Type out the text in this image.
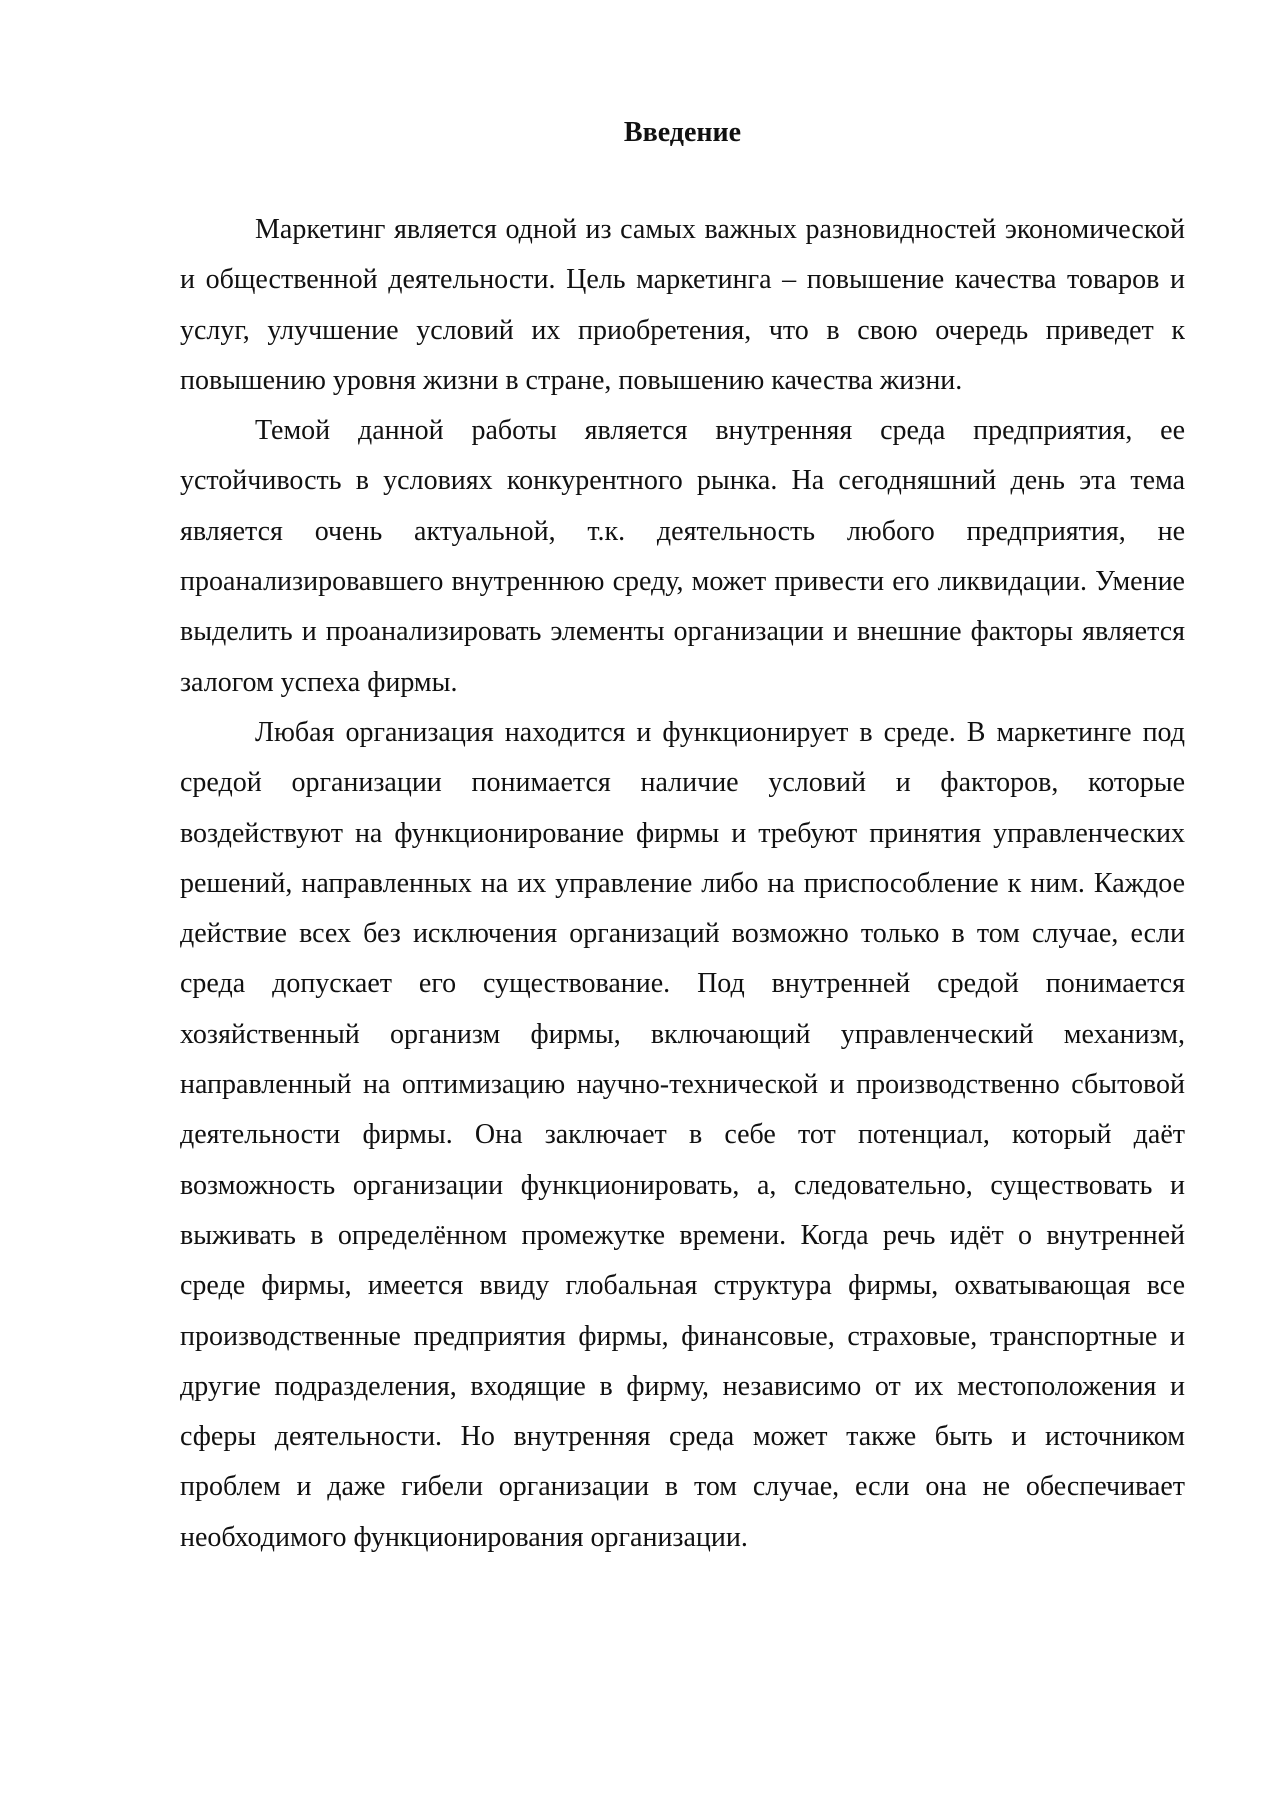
Введение

Маркетинг является одной из самых важных разновидностей экономической и общественной деятельности. Цель маркетинга – повышение качества товаров и услуг, улучшение условий их приобретения, что в свою очередь приведет к повышению уровня жизни в стране, повышению качества жизни.

Темой данной работы является внутренняя среда предприятия, ее устойчивость в условиях конкурентного рынка. На сегодняшний день эта тема является очень актуальной, т.к. деятельность любого предприятия, не проанализировавшего внутреннюю среду, может привести его ликвидации. Умение выделить и проанализировать элементы организации и внешние факторы является залогом успеха фирмы.

Любая организация находится и функционирует в среде. В маркетинге под средой организации понимается наличие условий и факторов, которые воздействуют на функционирование фирмы и требуют принятия управленческих решений, направленных на их управление либо на приспособление к ним. Каждое действие всех без исключения организаций возможно только в том случае, если среда допускает его существование. Под внутренней средой понимается хозяйственный организм фирмы, включающий управленческий механизм, направленный на оптимизацию научно-технической и производственно сбытовой деятельности фирмы. Она заключает в себе тот потенциал, который даёт возможность организации функционировать, а, следовательно, существовать и выживать в определённом промежутке времени. Когда речь идёт о внутренней среде фирмы, имеется ввиду глобальная структура фирмы, охватывающая все производственные предприятия фирмы, финансовые, страховые, транспортные и другие подразделения, входящие в фирму, независимо от их местоположения и сферы деятельности. Но внутренняя среда может также быть и источником проблем и даже гибели организации в том случае, если она не обеспечивает необходимого функционирования организации.
